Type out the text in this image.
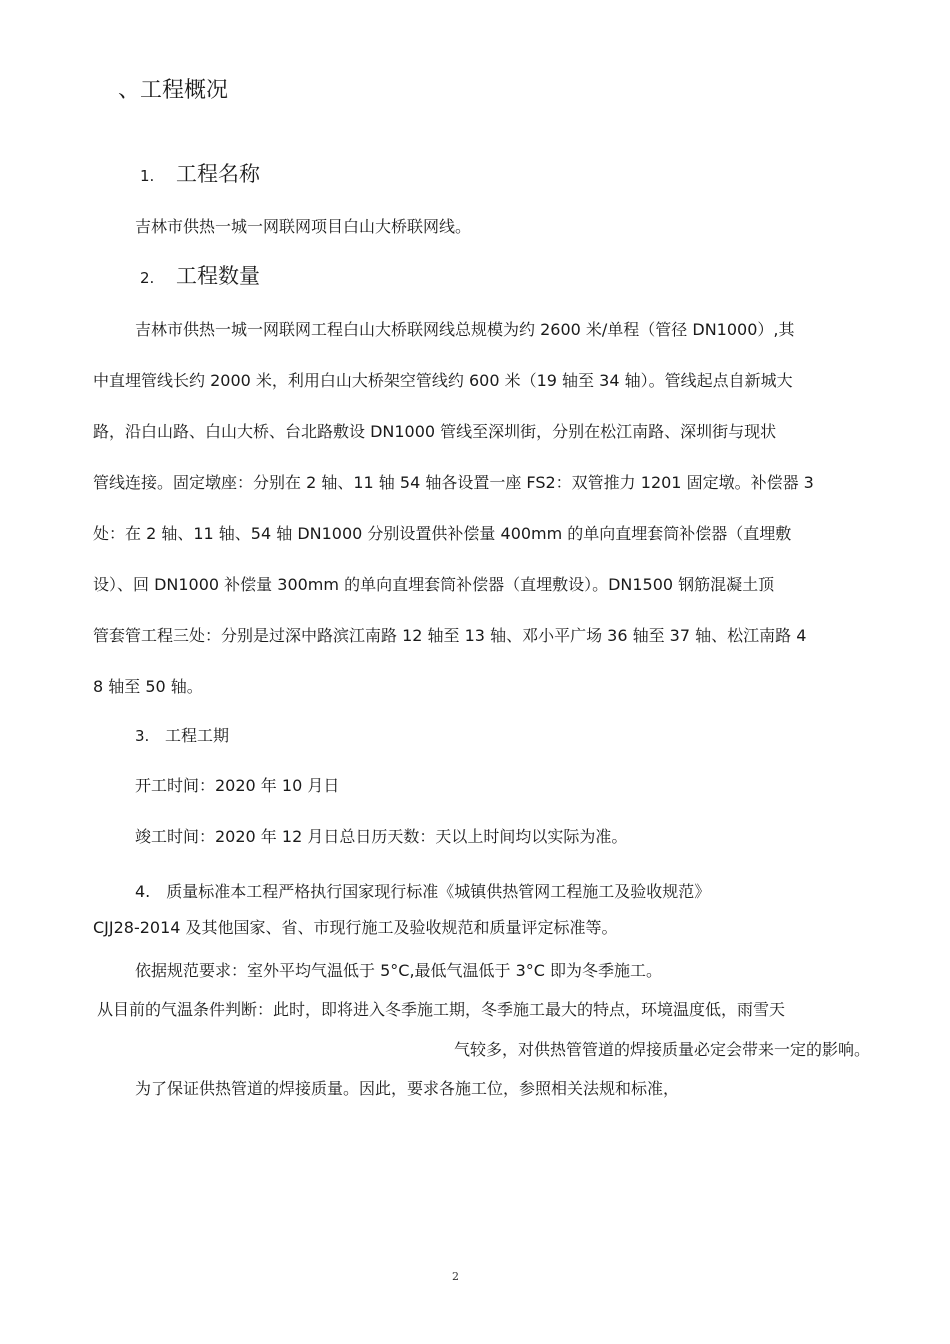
、工程概况
1. 工程名称
吉林市供热一城一网联网项目白山大桥联网线。
2. 工程数量
吉林市供热一城一网联网工程白山大桥联网线总规模为约 2600 米/单程（管径 DN1000）,其
中直埋管线长约 2000 米，利用白山大桥架空管线约 600 米（19 轴至 34 轴）。管线起点自新城大
路，沿白山路、白山大桥、台北路敷设 DN1000 管线至深圳街，分别在松江南路、深圳街与现状
管线连接。固定墩座：分别在 2 轴、11 轴 54 轴各设置一座 FS2：双管推力 1201 固定墩。补偿器 3
处：在 2 轴、11 轴、54 轴 DN1000 分别设置供补偿量 400mm 的单向直埋套筒补偿器（直埋敷
设）、回 DN1000 补偿量 300mm 的单向直埋套筒补偿器（直埋敷设）。DN1500 钢筋混凝土顶
管套管工程三处：分别是过深中路滨江南路 12 轴至 13 轴、邓小平广场 36 轴至 37 轴、松江南路 4
8 轴至 50 轴。
3. 工程工期
开工时间：2020 年 10 月日
竣工时间：2020 年 12 月日总日历天数：天以上时间均以实际为准。
4.　质量标准本工程严格执行国家现行标准《城镇供热管网工程施工及验收规范》
CJJ28-2014 及其他国家、省、市现行施工及验收规范和质量评定标准等。
依据规范要求：室外平均气温低于 5°C,最低气温低于 3°C 即为冬季施工。
从目前的气温条件判断：此时，即将进入冬季施工期，冬季施工最大的特点，环境温度低，雨雪天
气较多，对供热管管道的焊接质量必定会带来一定的影响。
为了保证供热管道的焊接质量。因此，要求各施工位，参照相关法规和标准，
2
